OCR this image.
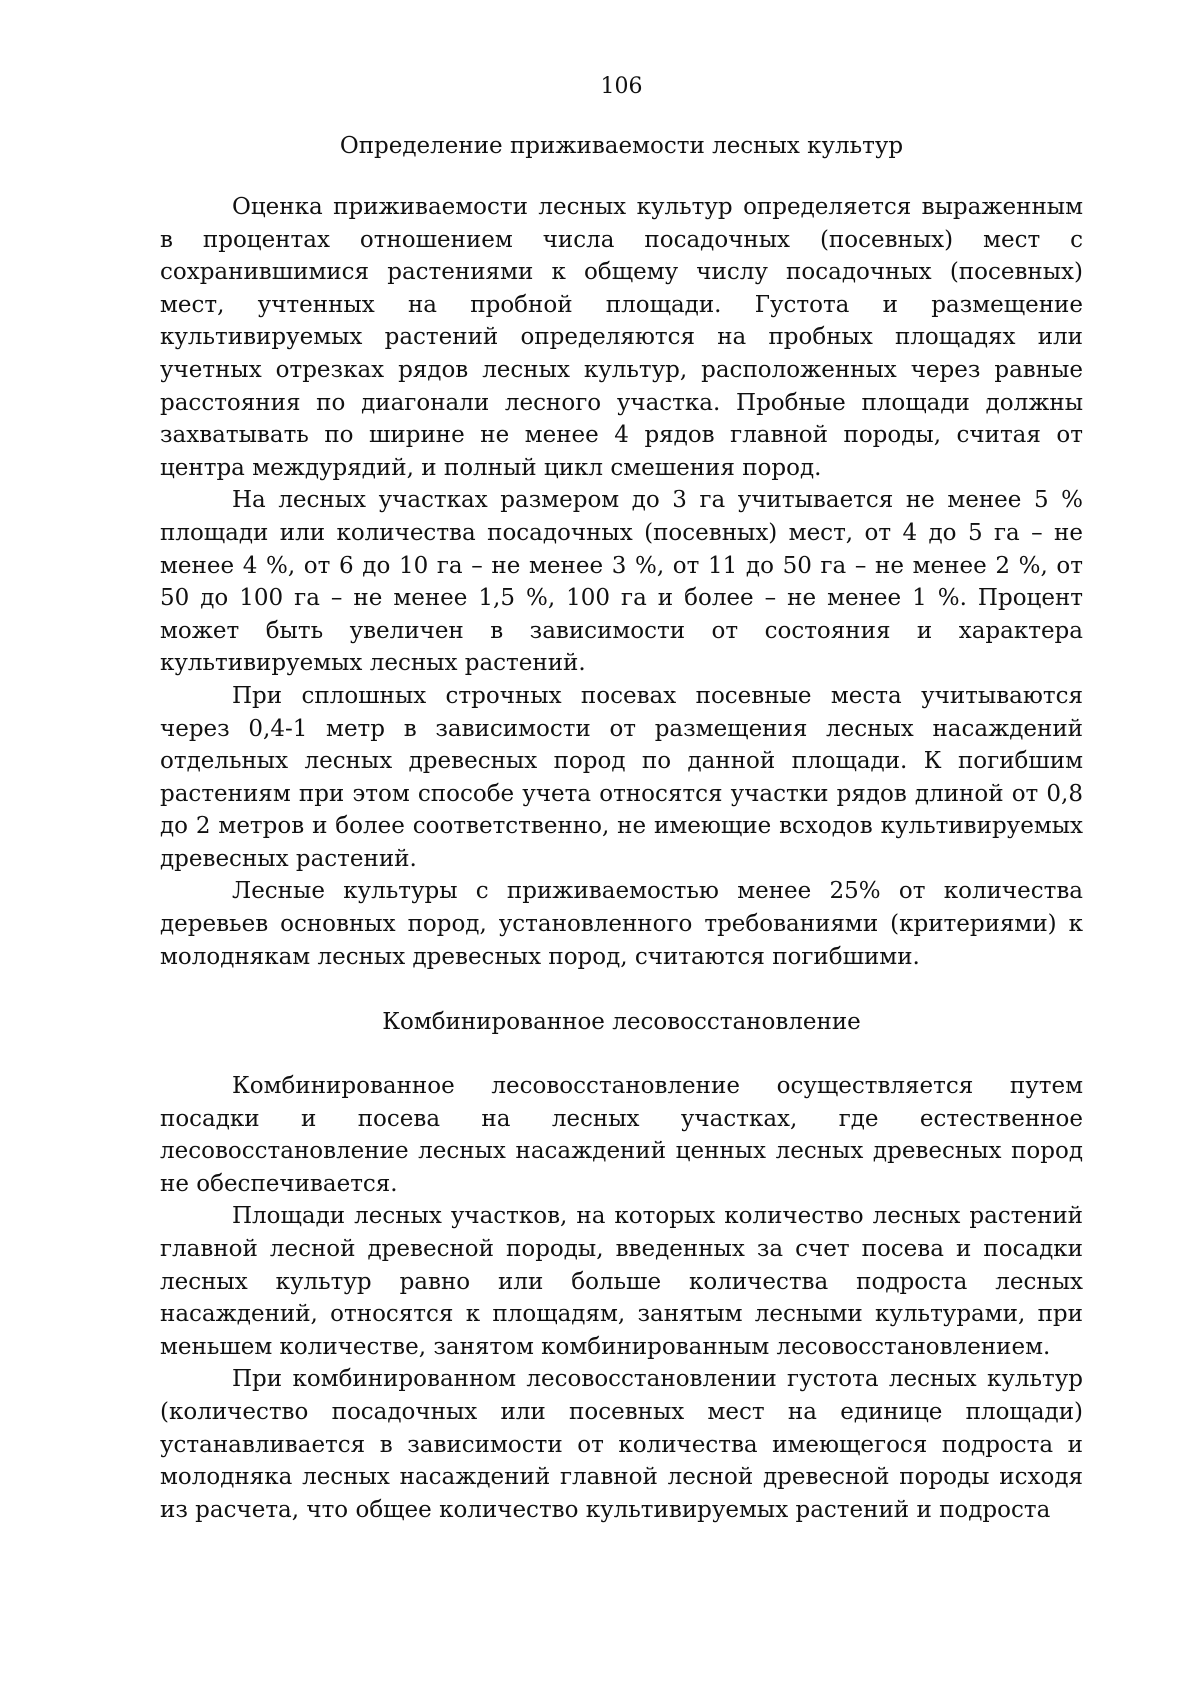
106
Определение приживаемости лесных культур

Оценка приживаемости лесных культур определяется выраженным в процентах отношением числа посадочных (посевных) мест с сохранившимися растениями к общему числу посадочных (посевных) мест, учтенных на пробной площади. Густота и размещение культивируемых растений определяются на пробных площадях или учетных отрезках рядов лесных культур, расположенных через равные расстояния по диагонали лесного участка. Пробные площади должны захватывать по ширине не менее 4 рядов главной породы, считая от центра междурядий, и полный цикл смешения пород.

На лесных участках размером до 3 га учитывается не менее 5 % площади или количества посадочных (посевных) мест, от 4 до 5 га – не менее 4 %, от 6 до 10 га – не менее 3 %, от 11 до 50 га – не менее 2 %, от 50 до 100 га – не менее 1,5 %, 100 га и более – не менее 1 %. Процент может быть увеличен в зависимости от состояния и характера культивируемых лесных растений.

При сплошных строчных посевах посевные места учитываются через 0,4-1 метр в зависимости от размещения лесных насаждений отдельных лесных древесных пород по данной площади. К погибшим растениям при этом способе учета относятся участки рядов длиной от 0,8 до 2 метров и более соответственно, не имеющие всходов культивируемых древесных растений.

Лесные культуры с приживаемостью менее 25% от количества деревьев основных пород, установленного требованиями (критериями) к молоднякам лесных древесных пород, считаются погибшими.

Комбинированное лесовосстановление

Комбинированное лесовосстановление осуществляется путем посадки и посева на лесных участках, где естественное лесовосстановление лесных насаждений ценных лесных древесных пород не обеспечивается.

Площади лесных участков, на которых количество лесных растений главной лесной древесной породы, введенных за счет посева и посадки лесных культур равно или больше количества подроста лесных насаждений, относятся к площадям, занятым лесными культурами, при меньшем количестве, занятом комбинированным лесовосстановлением.

При комбинированном лесовосстановлении густота лесных культур (количество посадочных или посевных мест на единице площади) устанавливается в зависимости от количества имеющегося подроста и молодняка лесных насаждений главной лесной древесной породы исходя из расчета, что общее количество культивируемых растений и подроста
